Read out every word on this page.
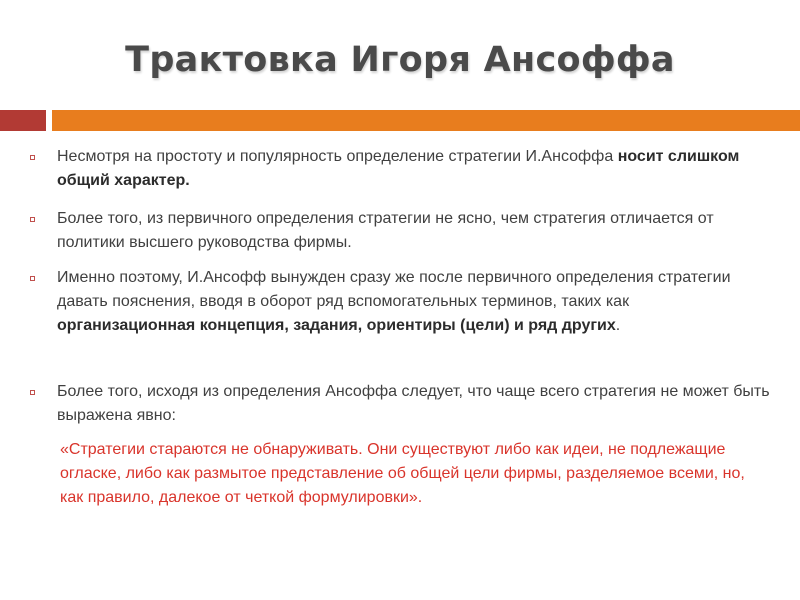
Трактовка Игоря Ансоффа
Несмотря на простоту и популярность определение стратегии И.Ансоффа носит слишком общий характер.
Более того, из первичного определения стратегии не ясно, чем стратегия отличается от политики высшего руководства фирмы.
Именно поэтому, И.Ансофф вынужден сразу же после первичного определения стратегии давать пояснения, вводя в оборот ряд вспомогательных терминов, таких как организационная концепция, задания, ориентиры (цели) и ряд других.
Более того, исходя из определения Ансоффа следует, что чаще всего стратегия не может быть выражена явно:
«Стратегии стараются не обнаруживать. Они существуют либо как идеи, не подлежащие огласке, либо как размытое представление об общей цели фирмы, разделяемое всеми, но, как правило, далекое от четкой формулировки».
